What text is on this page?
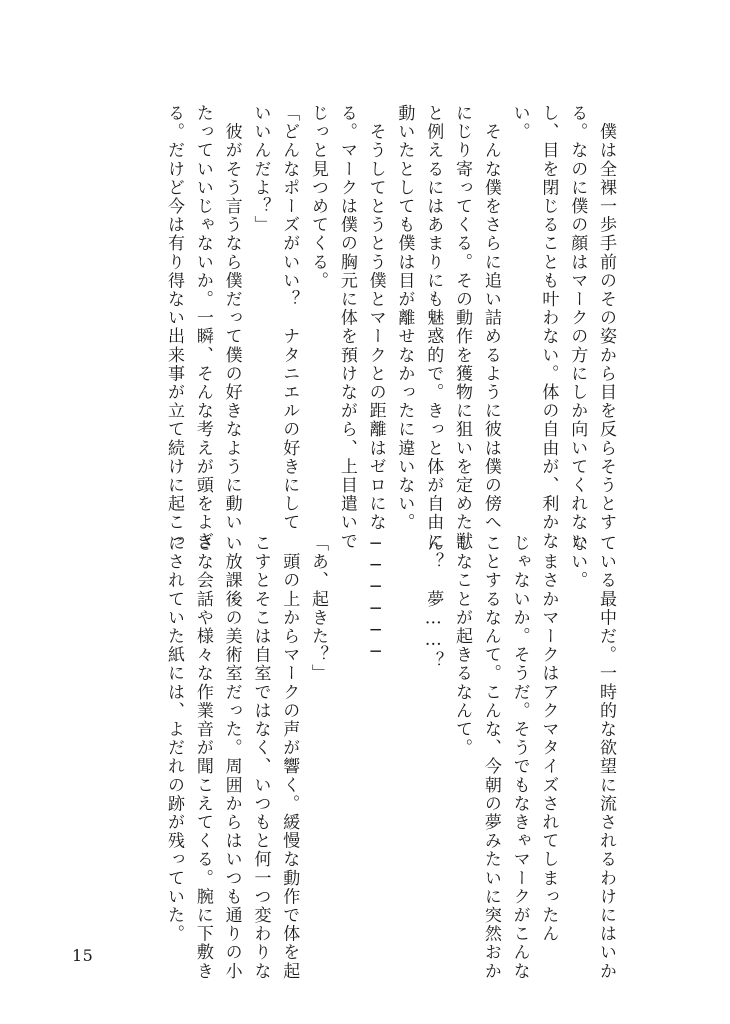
　僕は全裸一歩手前のその姿から目を反らそうとす
る。なのに僕の顔はマークの方にしか向いてくれない
し、目を閉じることも叶わない。体の自由が、利かな
い。
　そんな僕をさらに追い詰めるように彼は僕の傍へ
にじり寄ってくる。その動作を獲物に狙いを定めた獣
と例えるにはあまりにも魅惑的で。きっと体が自由に
動いたとしても僕は目が離せなかったに違いない。
　そうしてとうとう僕とマークとの距離はゼロにな
る。マークは僕の胸元に体を預けながら、上目遣いで
じっと見つめてくる。
「どんなポーズがいい？　ナタニエルの好きにして
いいんだよ？」
　彼がそう言うなら僕だって僕の好きなように動い
たっていいじゃないか。一瞬、そんな考えが頭をよぎ
る。だけど今は有り得ない出来事が立て続けに起こっ
ている最中だ。一時的な欲望に流されるわけにはいか
ない。
　まさかマークはアクマタイズされてしまったん
じゃないか。そうだ。そうでもなきゃマークがこんな
ことするなんて。こんな、今朝の夢みたいに突然おか
しなことが起きるなんて。
ん？　夢……？

──────

「あ、起きた？」
　頭の上からマークの声が響く。緩慢な動作で体を起
こすとそこは自室ではなく、いつもと何一つ変わりな
い放課後の美術室だった。周囲からはいつも通りの小
さな会話や様々な作業音が聞こえてくる。腕に下敷き
にされていた紙には、よだれの跡が残っていた。
15
